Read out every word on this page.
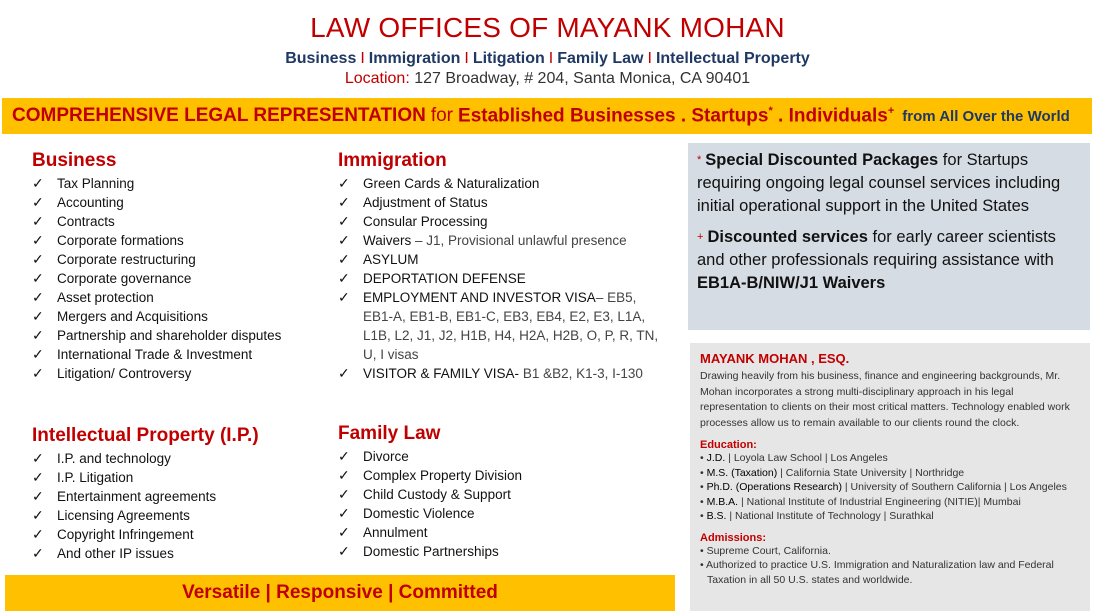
LAW OFFICES OF MAYANK MOHAN
Business I Immigration I Litigation I Family Law I Intellectual Property
Location: 127 Broadway, # 204, Santa Monica, CA 90401
COMPREHENSIVE LEGAL REPRESENTATION for Established Businesses . Startups* . Individuals+ from All Over the World
Business
✓ Tax Planning
✓ Accounting
✓ Contracts
✓ Corporate formations
✓ Corporate restructuring
✓ Corporate governance
✓ Asset protection
✓ Mergers and Acquisitions
✓ Partnership and shareholder disputes
✓ International Trade & Investment
✓ Litigation/ Controversy
Intellectual Property (I.P.)
✓ I.P. and technology
✓ I.P. Litigation
✓ Entertainment agreements
✓ Licensing Agreements
✓ Copyright Infringement
✓ And other IP issues
Immigration
✓ Green Cards & Naturalization
✓ Adjustment of Status
✓ Consular Processing
✓ Waivers – J1, Provisional unlawful presence
✓ ASYLUM
✓ DEPORTATION DEFENSE
✓ EMPLOYMENT AND INVESTOR VISA– EB5, EB1-A, EB1-B, EB1-C, EB3, EB4, E2, E3, L1A, L1B, L2, J1, J2, H1B, H4, H2A, H2B, O, P, R, TN, U, I visas
✓ VISITOR & FAMILY VISA- B1 &B2, K1-3, I-130
Family Law
✓ Divorce
✓ Complex Property Division
✓ Child Custody & Support
✓ Domestic Violence
✓ Annulment
✓ Domestic Partnerships
Versatile | Responsive | Committed

* Special Discounted Packages for Startups requiring ongoing legal counsel services including initial operational support in the United States

+ Discounted services for early career scientists and other professionals requiring assistance with EB1A-B/NIW/J1 Waivers

MAYANK MOHAN , ESQ.

Drawing heavily from his business, finance and engineering backgrounds, Mr. Mohan incorporates a strong multi-disciplinary approach in his legal representation to clients on their most critical matters. Technology enabled work processes allow us to remain available to our clients round the clock.

Education:
• J.D. | Loyola Law School | Los Angeles
• M.S. (Taxation) | California State University | Northridge
• Ph.D. (Operations Research) | University of Southern California | Los Angeles
• M.B.A. | National Institute of Industrial Engineering (NITIE)| Mumbai
• B.S. | National Institute of Technology | Surathkal
Admissions:
• Supreme Court, California.
• Authorized to practice U.S. Immigration and Naturalization law and Federal Taxation in all 50 U.S. states and worldwide.
